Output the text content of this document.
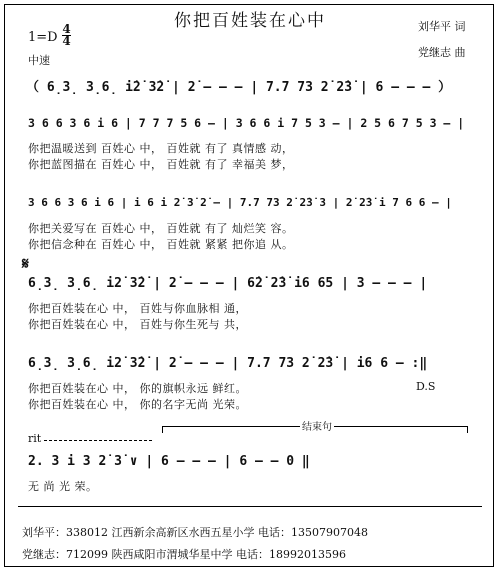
你把百姓装在心中
1=D
4
4
中速
刘华平 词
党继志 曲
（ 6̣3̣ 3̣6̣ i̇2̇ 3̇2̇ | 2̇ – – – | 7.7 73 2̇ 2̇3̇ | 6 – – – ）
3 6 6 3 6 i 6 | 7 7 7 5 6 – | 3 6 6 i 7 5 3 – | 2 5 6 7 5 3 – |
你把温暖送到 百姓心 中， 百姓就 有了 真情感 动，
你把蓝图描在 百姓心 中， 百姓就 有了 幸福美 梦，
3 6 6 3 6 i 6 | i 6 i 2̇ 3̇ 2̇ – | 7.7 73 2̇ 2̇3̇ 3 | 2̇ 2̇3̇ i 7 6 6 – |
你把关爱写在 百姓心 中， 百姓就 有了 灿烂笑 容。
你把信念种在 百姓心 中， 百姓就 紧紧 把你追 从。
𝄋
6̣3̣ 3̣6̣ i2̇ 3̇2̇ | 2̇ – – – | 6̇2̇ 2̇3̇ i6 65 | 3 – – – |
你把百姓装在心 中， 百姓与你血脉相 通，
你把百姓装在心 中， 百姓与你生死与 共，
6̣3̣ 3̣6̣ i2̇ 3̇2̇ | 2̇ – – – | 7.7 73 2̇ 2̇3̇ | i6 6 – :‖
你把百姓装在心 中， 你的旗帜永远 鲜红。
你把百姓装在心 中， 你的名字无尚 光荣。
D.S
结束句
rit
2. 3 i 3 2̇ 3̇ ∨ | 6 – – – | 6 – – 0 ‖
无 尚 光 荣。
刘华平：338012 江西新余高新区水西五星小学 电话：13507907048
党继志：712099 陕西咸阳市渭城华星中学 电话：18992013596
